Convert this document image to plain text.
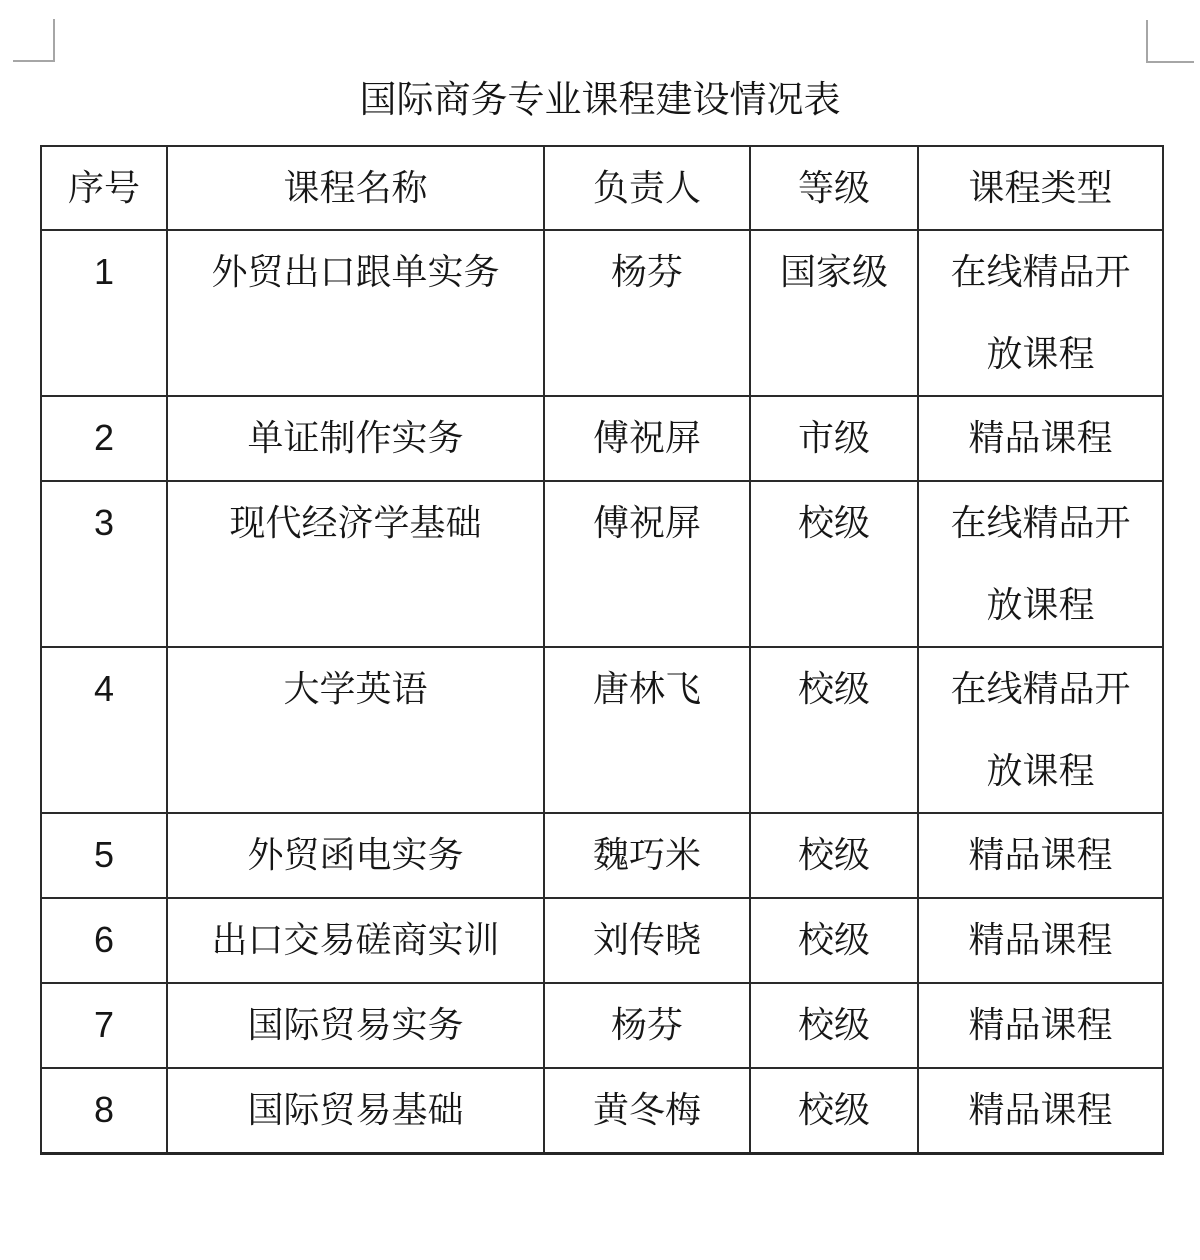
国际商务专业课程建设情况表
序号	课程名称	负责人	等级	课程类型
1	外贸出口跟单实务	杨芬	国家级	在线精品开
放课程

2	单证制作实务	傅祝屏	市级	精品课程

3	现代经济学基础	傅祝屏	校级	在线精品开
放课程

4	大学英语	唐林飞	校级	在线精品开
放课程

5	外贸函电实务	魏巧米	校级	精品课程

6	出口交易磋商实训	刘传晓	校级	精品课程

7	国际贸易实务	杨芬	校级	精品课程

8	国际贸易基础	黄冬梅	校级	精品课程
